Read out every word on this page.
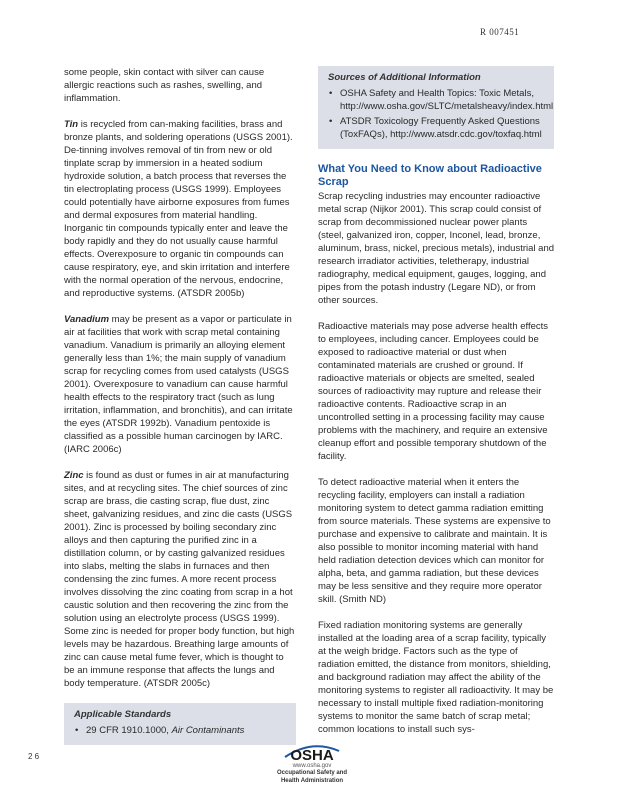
R 007451

some people, skin contact with silver can cause allergic reactions such as rashes, swelling, and inflammation.

Tin is recycled from can-making facilities, brass and bronze plants, and soldering operations (USGS 2001). De-tinning involves removal of tin from new or old tinplate scrap by immersion in a heated sodium hydroxide solution, a batch process that reverses the tin electroplating process (USGS 1999). Employees could potentially have airborne exposures from fumes and dermal exposures from material handling. Inorganic tin compounds typically enter and leave the body rapidly and they do not usually cause harmful effects. Overexposure to organic tin compounds can cause respiratory, eye, and skin irritation and interfere with the normal operation of the nervous, endocrine, and reproductive systems. (ATSDR 2005b)

Vanadium may be present as a vapor or particulate in air at facilities that work with scrap metal containing vanadium. Vanadium is primarily an alloying element generally less than 1%; the main supply of vanadium scrap for recycling comes from used catalysts (USGS 2001). Overexposure to vanadium can cause harmful health effects to the respiratory tract (such as lung irritation, inflammation, and bronchitis), and can irritate the eyes (ATSDR 1992b). Vanadium pentoxide is classified as a possible human carcinogen by IARC. (IARC 2006c)

Zinc is found as dust or fumes in air at manufacturing sites, and at recycling sites. The chief sources of zinc scrap are brass, die casting scrap, flue dust, zinc sheet, galvanizing residues, and zinc die casts (USGS 2001). Zinc is processed by boiling secondary zinc alloys and then capturing the purified zinc in a distillation column, or by casting galvanized residues into slabs, melting the slabs in furnaces and then condensing the zinc fumes. A more recent process involves dissolving the zinc coating from scrap in a hot caustic solution and then recovering the zinc from the solution using an electrolyte process (USGS 1999). Some zinc is needed for proper body function, but high levels may be hazardous. Breathing large amounts of zinc can cause metal fume fever, which is thought to be an immune response that affects the lungs and body temperature. (ATSDR 2005c)

Applicable Standards
• 29 CFR 1910.1000, Air Contaminants
Sources of Additional Information
• OSHA Safety and Health Topics: Toxic Metals, http://www.osha.gov/SLTC/metalsheavy/index.html
• ATSDR Toxicology Frequently Asked Questions (ToxFAQs), http://www.atsdr.cdc.gov/toxfaq.html
What You Need to Know about Radioactive Scrap

Scrap recycling industries may encounter radioactive metal scrap (Nijkor 2001). This scrap could consist of scrap from decommissioned nuclear power plants (steel, galvanized iron, copper, Inconel, lead, bronze, aluminum, brass, nickel, precious metals), industrial and research irradiator activities, teletherapy, industrial radiography, medical equipment, gauges, logging, and pipes from the potash industry (Legare ND), or from other sources.

Radioactive materials may pose adverse health effects to employees, including cancer. Employees could be exposed to radioactive material or dust when contaminated materials are crushed or ground. If radioactive materials or objects are smelted, sealed sources of radioactivity may rupture and release their radioactive contents. Radioactive scrap in an uncontrolled setting in a processing facility may cause problems with the machinery, and require an extensive cleanup effort and possible temporary shutdown of the facility.

To detect radioactive material when it enters the recycling facility, employers can install a radiation monitoring system to detect gamma radiation emitting from source materials. These systems are expensive to purchase and expensive to calibrate and maintain. It is also possible to monitor incoming material with hand held radiation detection devices which can monitor for alpha, beta, and gamma radiation, but these devices may be less sensitive and they require more operator skill. (Smith ND)

Fixed radiation monitoring systems are generally installed at the loading area of a scrap facility, typically at the weigh bridge. Factors such as the type of radiation emitted, the distance from monitors, shielding, and background radiation may affect the ability of the monitoring systems to register all radioactivity. It may be necessary to install multiple fixed radiation-monitoring systems to monitor the same batch of scrap metal; common locations to install such sys-

2 6	OSHA
www.osha.gov
Occupational Safety and
Health Administration
